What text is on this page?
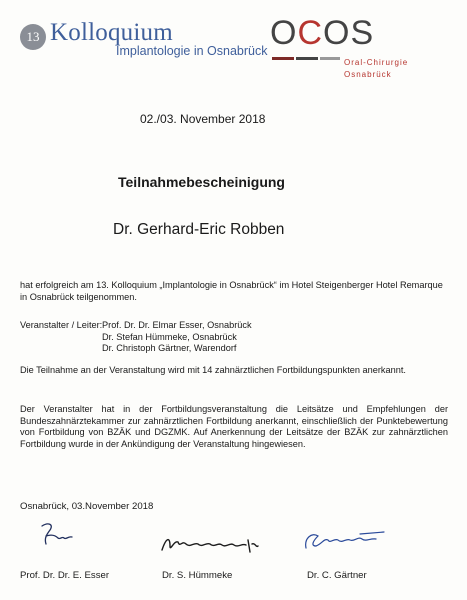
13 Kolloquium
Implantologie in Osnabrück OCOS
Oral-Chirurgie
Osnabrück
02./03. November 2018
Teilnahmebescheinigung
Dr. Gerhard-Eric Robben
hat erfolgreich am 13. Kolloquium „Implantologie in Osnabrück“ im Hotel Steigenberger Hotel Remarque in Osnabrück teilgenommen.
Veranstalter / Leiter: Prof. Dr. Dr. Elmar Esser, Osnabrück
Dr. Stefan Hümmeke, Osnabrück
Dr. Christoph Gärtner, Warendorf
Die Teilnahme an der Veranstaltung wird mit 14 zahnärztlichen Fortbildungspunkten anerkannt.
Der Veranstalter hat in der Fortbildungsveranstaltung die Leitsätze und Empfehlungen der Bundeszahnärztekammer zur zahnärztlichen Fortbildung anerkannt, einschließlich der Punktebewertung von Fortbildung von BZÄK und DGZMK. Auf Anerkennung der Leitsätze der BZÄK zur zahnärztlichen Fortbildung wurde in der Ankündigung der Veranstaltung hingewiesen.
Osnabrück, 03.November 2018
Prof. Dr. Dr. E. Esser	Dr. S. Hümmeke	Dr. C. Gärtner
